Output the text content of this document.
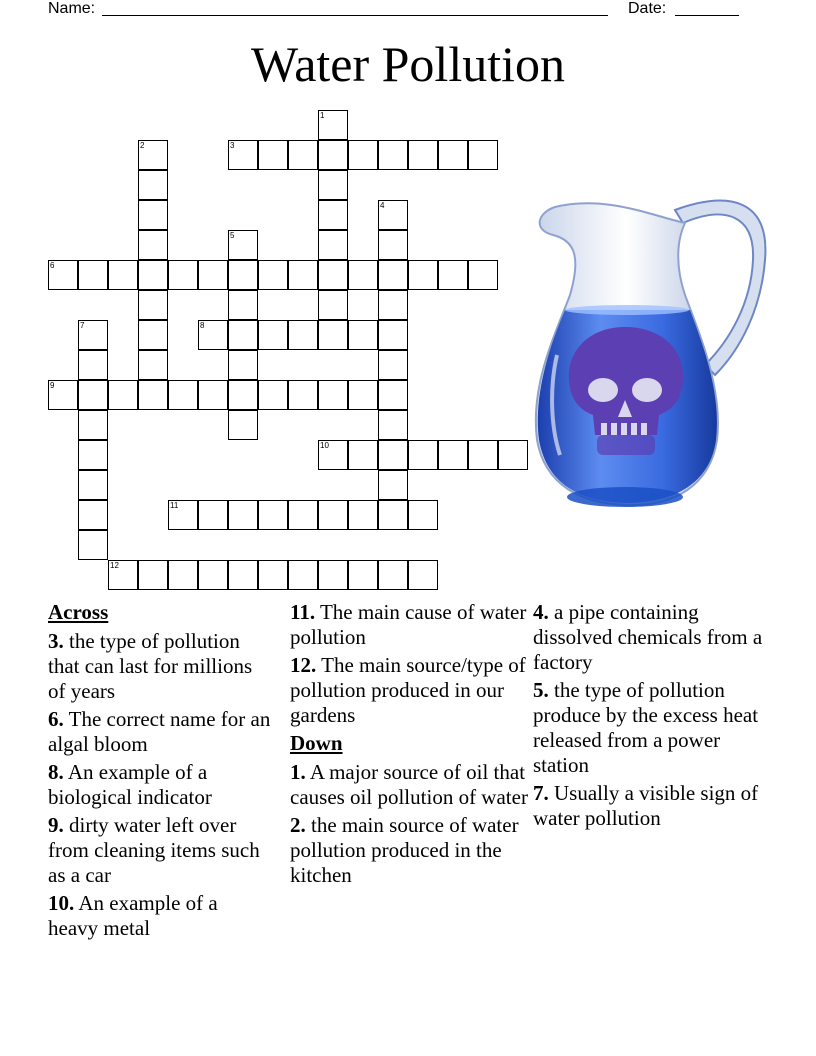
Name:	Date:
Water Pollution
1
2	3
4
5
6
7	8
9
10
11
12
Across
3. the type of pollution that can last for millions of years
6. The correct name for an algal bloom
8. An example of a biological indicator
9. dirty water left over from cleaning items such as a car
10. An example of a heavy metal
11. The main cause of water pollution
12. The main source/type of pollution produced in our gardens
Down
1. A major source of oil that causes oil pollution of water
2. the main source of water pollution produced in the kitchen
4. a pipe containing dissolved chemicals from a factory
5. the type of pollution produce by the excess heat released from a power station
7. Usually a visible sign of water pollution
